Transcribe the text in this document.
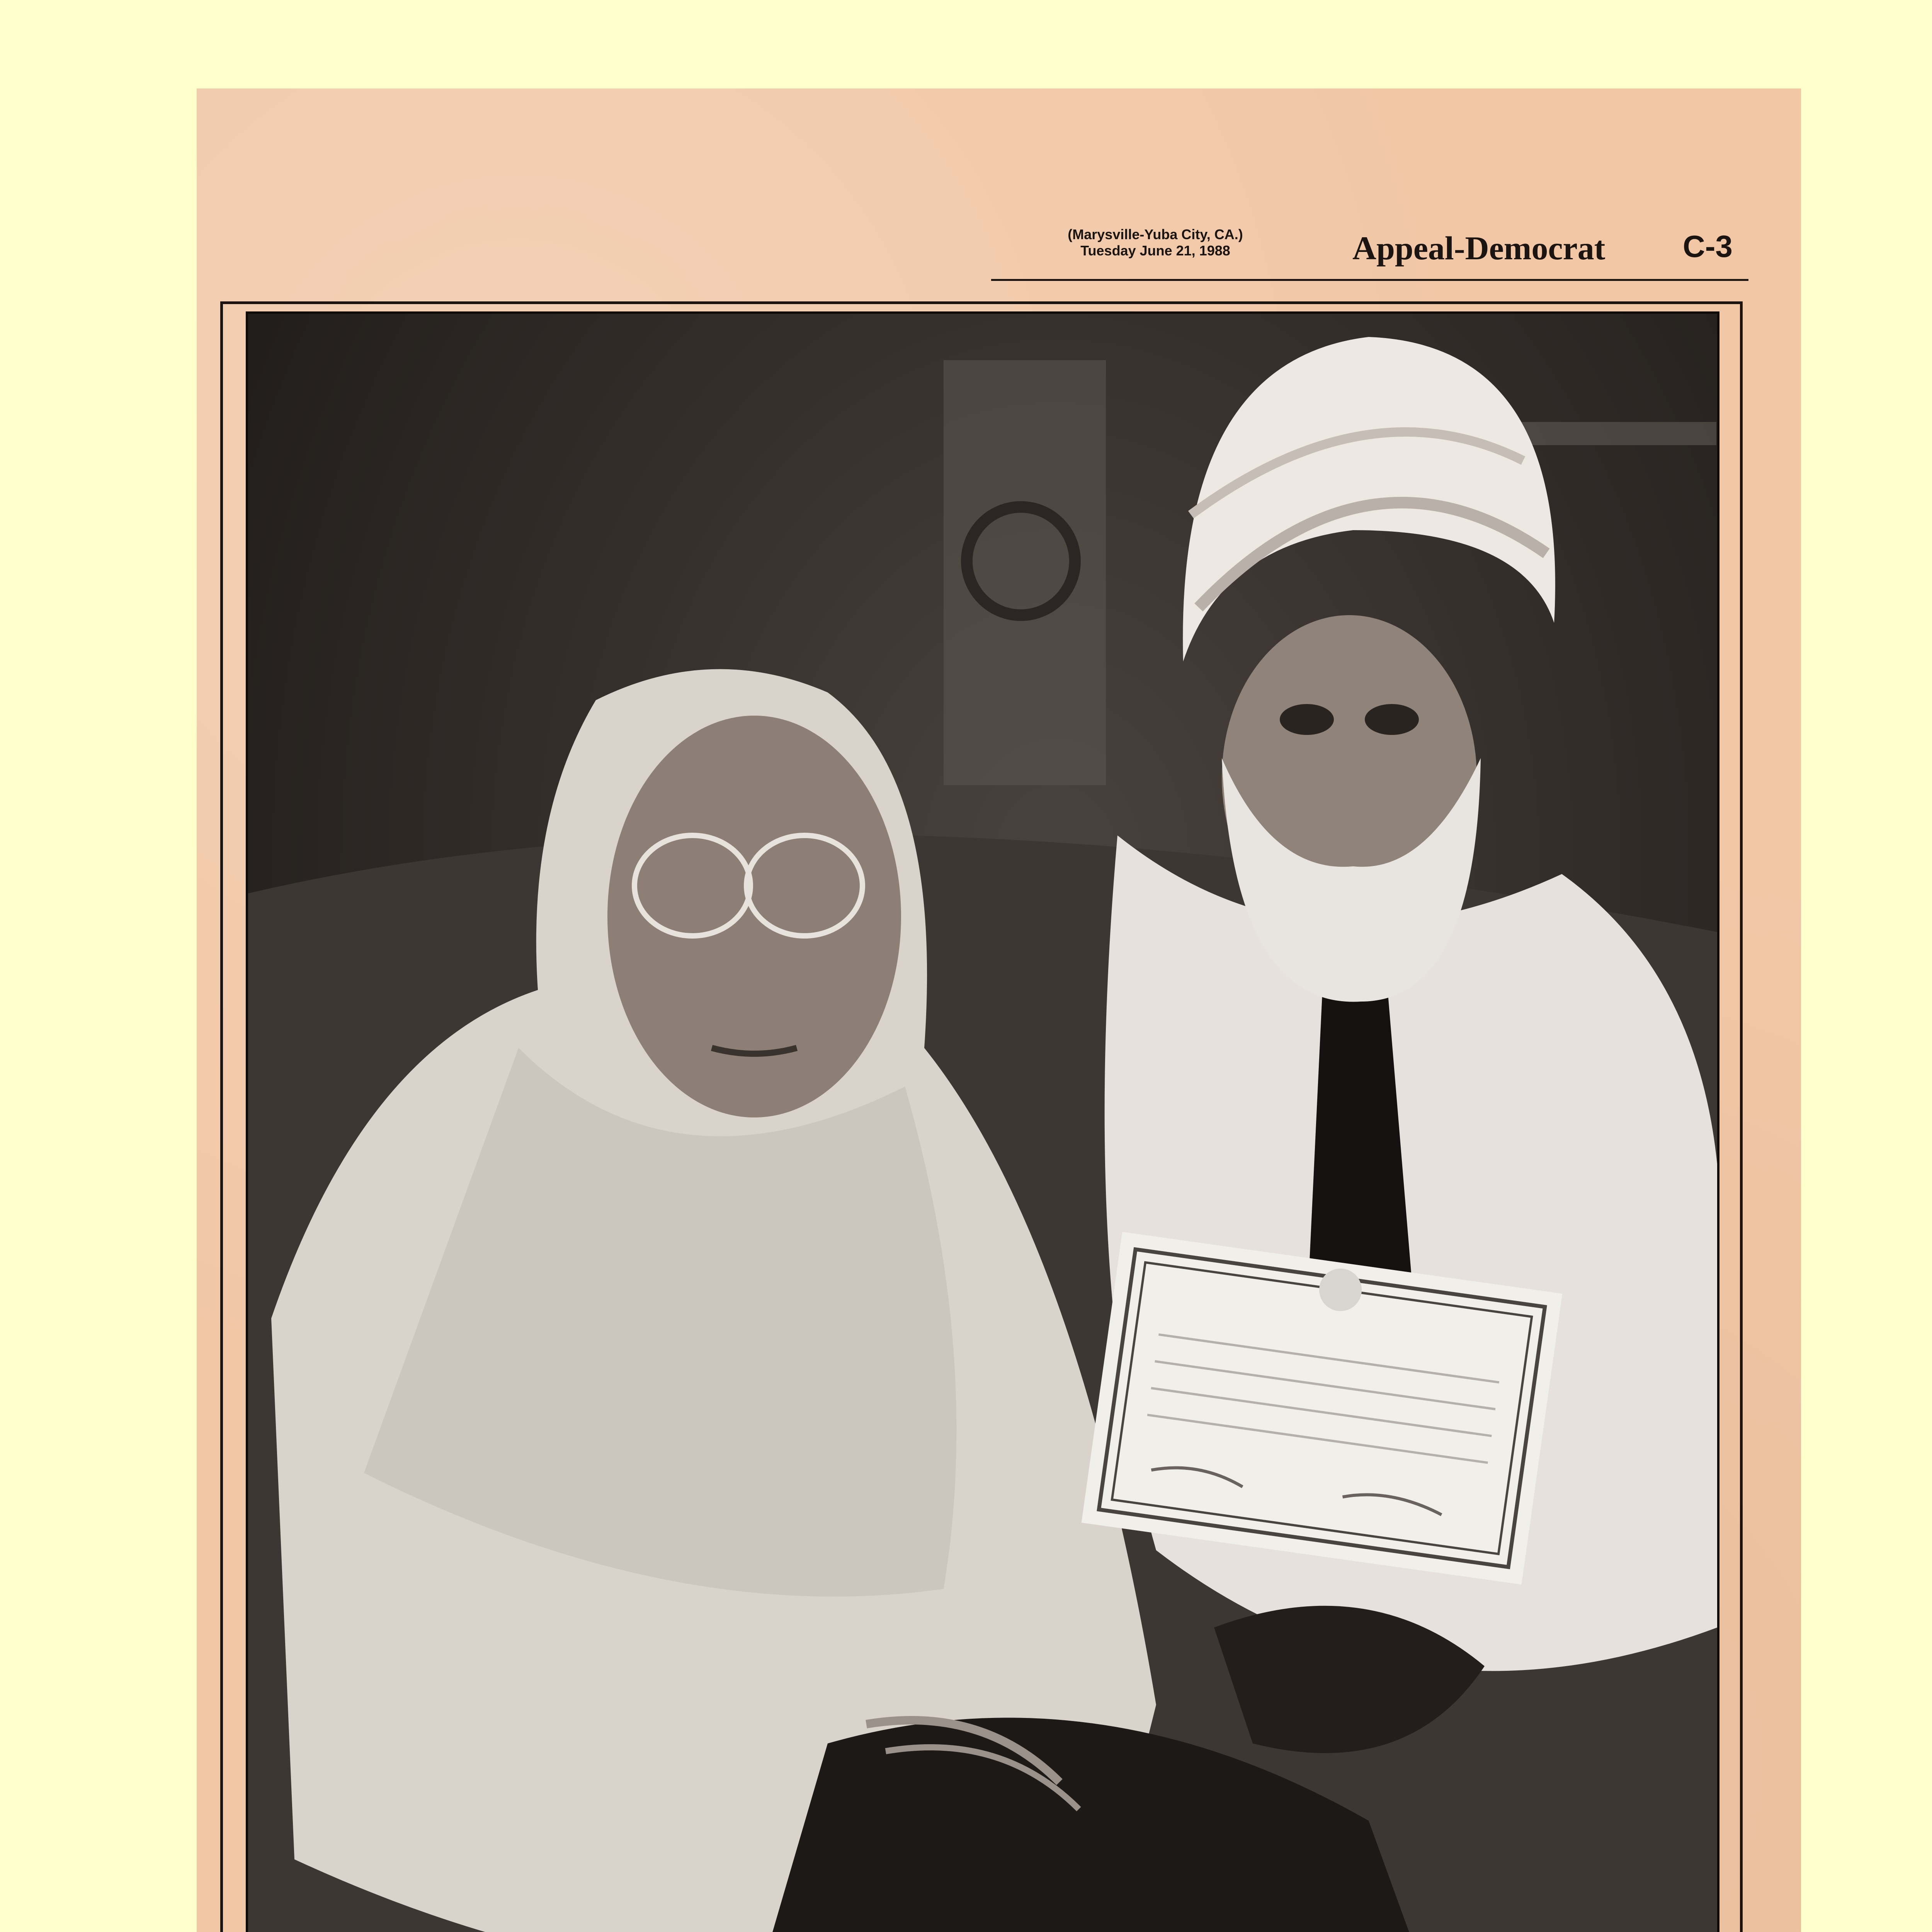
(Marysville-Yuba City, CA.)
Tuesday June 21, 1988	Appeal-Democrat	C-3
